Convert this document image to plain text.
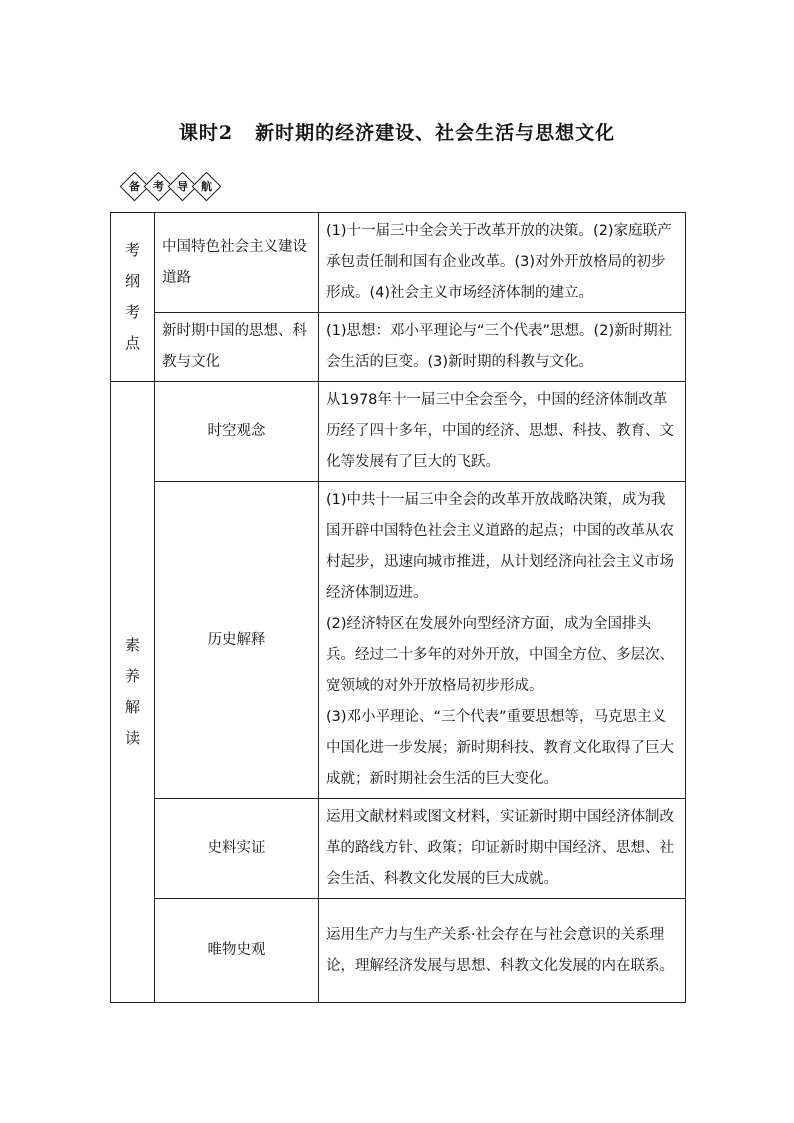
课时2 新时期的经济建设、社会生活与思想文化
备 考 导 航
考纲考点	中国特色社会主义建设道路	(1)十一届三中全会关于改革开放的决策。(2)家庭联产承包责任制和国有企业改革。(3)对外开放格局的初步形成。(4)社会主义市场经济体制的建立。
	新时期中国的思想、科教与文化	(1)思想：邓小平理论与“三个代表”思想。(2)新时期社会生活的巨变。(3)新时期的科教与文化。
素养解读	时空观念	从1978年十一届三中全会至今，中国的经济体制改革历经了四十多年，中国的经济、思想、科技、教育、文化等发展有了巨大的飞跃。

	历史解释	(1)中共十一届三中全会的改革开放战略决策，成为我国开辟中国特色社会主义道路的起点；中国的改革从农村起步，迅速向城市推进，从计划经济向社会主义市场经济体制迈进。
(2)经济特区在发展外向型经济方面，成为全国排头兵。经过二十多年的对外开放，中国全方位、多层次、宽领域的对外开放格局初步形成。
(3)邓小平理论、“三个代表”重要思想等，马克思主义中国化进一步发展；新时期科技、教育文化取得了巨大成就；新时期社会生活的巨大变化。

	史料实证	运用文献材料或图文材料，实证新时期中国经济体制改革的路线方针、政策；印证新时期中国经济、思想、社会生活、科教文化发展的巨大成就。

	唯物史观	运用生产力与生产关系·社会存在与社会意识的关系理论，理解经济发展与思想、科教文化发展的内在联系。
